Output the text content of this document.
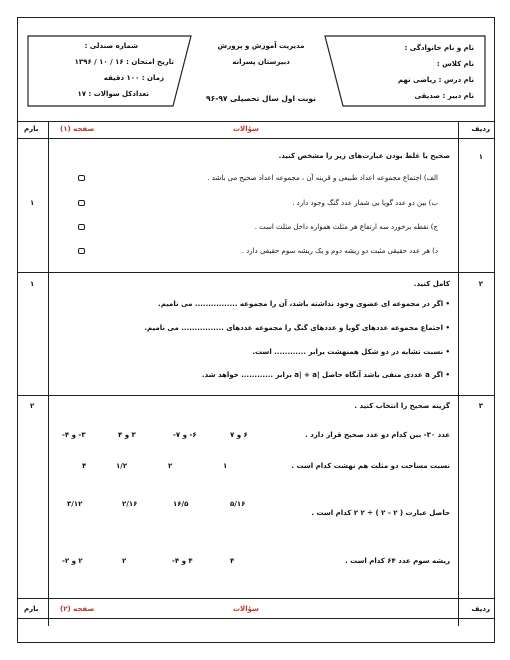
نام و نام خانوادگی :
نام کلاس :
نام درس : ریاضی نهم
نام دبیر : صدیقی
مدیریت آموزش و پرورش
دبیرستان پسرانه
نوبت اول سال تحصیلی ۹۷-۹۶
شماره صندلی :
تاریخ امتحان : ۱۶ / ۱۰ / ۱۳۹۶
زمان : ۱۰۰ دقیقه
تعدادکل سوالات : ۱۷
ردیف
سؤالات
صفحه (۱)
بارم
۱
۱
صحیح یا غلط بودن عبارت‌های زیر را مشخص کنید.
الف) اجتماع مجموعه اعداد طبیعی و قرینه آن ، مجموعه اعداد صحیح می باشد .
ب) بین دو عدد گویا بی شمار عدد گنگ وجود دارد .
ج) نقطه برخورد سه ارتفاع هر مثلث همواره داخل مثلث است .
د) هر عدد حقیقی مثبت دو ریشه دوم و یک ریشه سوم حقیقی دارد .
۲
۱	کامل کنید.
• اگر در مجموعه ای عضوی وجود نداشته باشد، آن را مجموعه ................ می نامیم.
• اجتماع مجموعه عددهای گویا و عددهای گنگ را مجموعه عددهای ................ می نامیم.
• نسبت تشابه در دو شکل همنهشت برابر ............ است.
• اگر a عددی منفی باشد آنگاه حاصل |a| + a برابر ............ خواهد شد.
۳
۲	گزینه صحیح را انتخاب کنید .
عدد ۳۰- بین کدام دو عدد صحیح قرار دارد .
۶ و ۷
۶- و ۷-
۳ و ۴
۳- و ۴-
نسبت مساحت دو مثلث هم نهشت کدام است .
۱
۲
۱/۲
۴
حاصل عبارت ( ۲ - ۲ ) ÷ ۲ ۲ کدام است .
۵/۱۶
۱۶/۵
۲/۱۶
۳/۱۲
ریشه سوم عدد ۶۴ کدام است .
۴
۴ و ۴-
۲
۲ و ۲-
ردیف
سؤالات
صفحه (۲)
بارم
